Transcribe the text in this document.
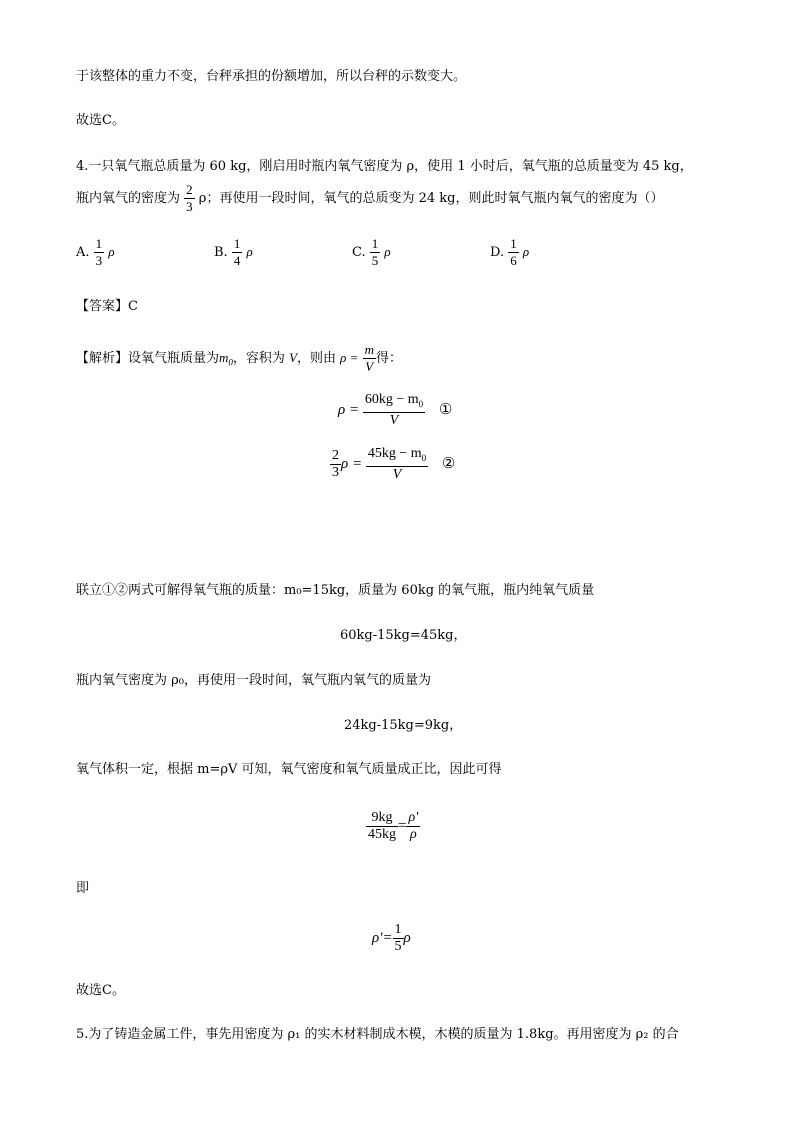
于该整体的重力不变，台秤承担的份额增加，所以台秤的示数变大。
故选C。
4.一只氧气瓶总质量为 60 kg，刚启用时瓶内氧气密度为 ρ，使用 1 小时后，氧气瓶的总质量变为 45 kg，
瓶内氧气的密度为 $\frac{2}{3}$ ρ；再使用一段时间，氧气的总质变为 24 kg，则此时氧气瓶内氧气的密度为（）
A. $\frac{1}{3}$ ρ	B. $\frac{1}{4}$ ρ	C. $\frac{1}{5}$ ρ	D. $\frac{1}{6}$ ρ
【答案】C
【解析】设氧气瓶质量为$m_0$，容积为 V，则由 $\rho = \frac{m}{V}$ 得：
$\rho = \frac{60kg - m_0}{V}$ ①
$\frac{2}{3}$ $\rho = \frac{45kg - m_0}{V}$ ②
联立①②两式可解得氧气瓶的质量：m₀=15kg，质量为 60kg 的氧气瓶，瓶内纯氧气质量
60kg-15kg=45kg，
瓶内氧气密度为 ρ₀，再使用一段时间，氧气瓶内氧气的质量为
24kg-15kg=9kg，
氧气体积一定，根据 m=ρV 可知，氧气密度和氧气质量成正比，因此可得
$\frac{9kg}{45kg} = \frac{\rho'}{\rho}$
即
$\rho'= \frac{1}{5}$ ρ
故选C。
5.为了铸造金属工件，事先用密度为 ρ₁ 的实木材料制成木模，木模的质量为 1.8kg。再用密度为 ρ₂ 的合
